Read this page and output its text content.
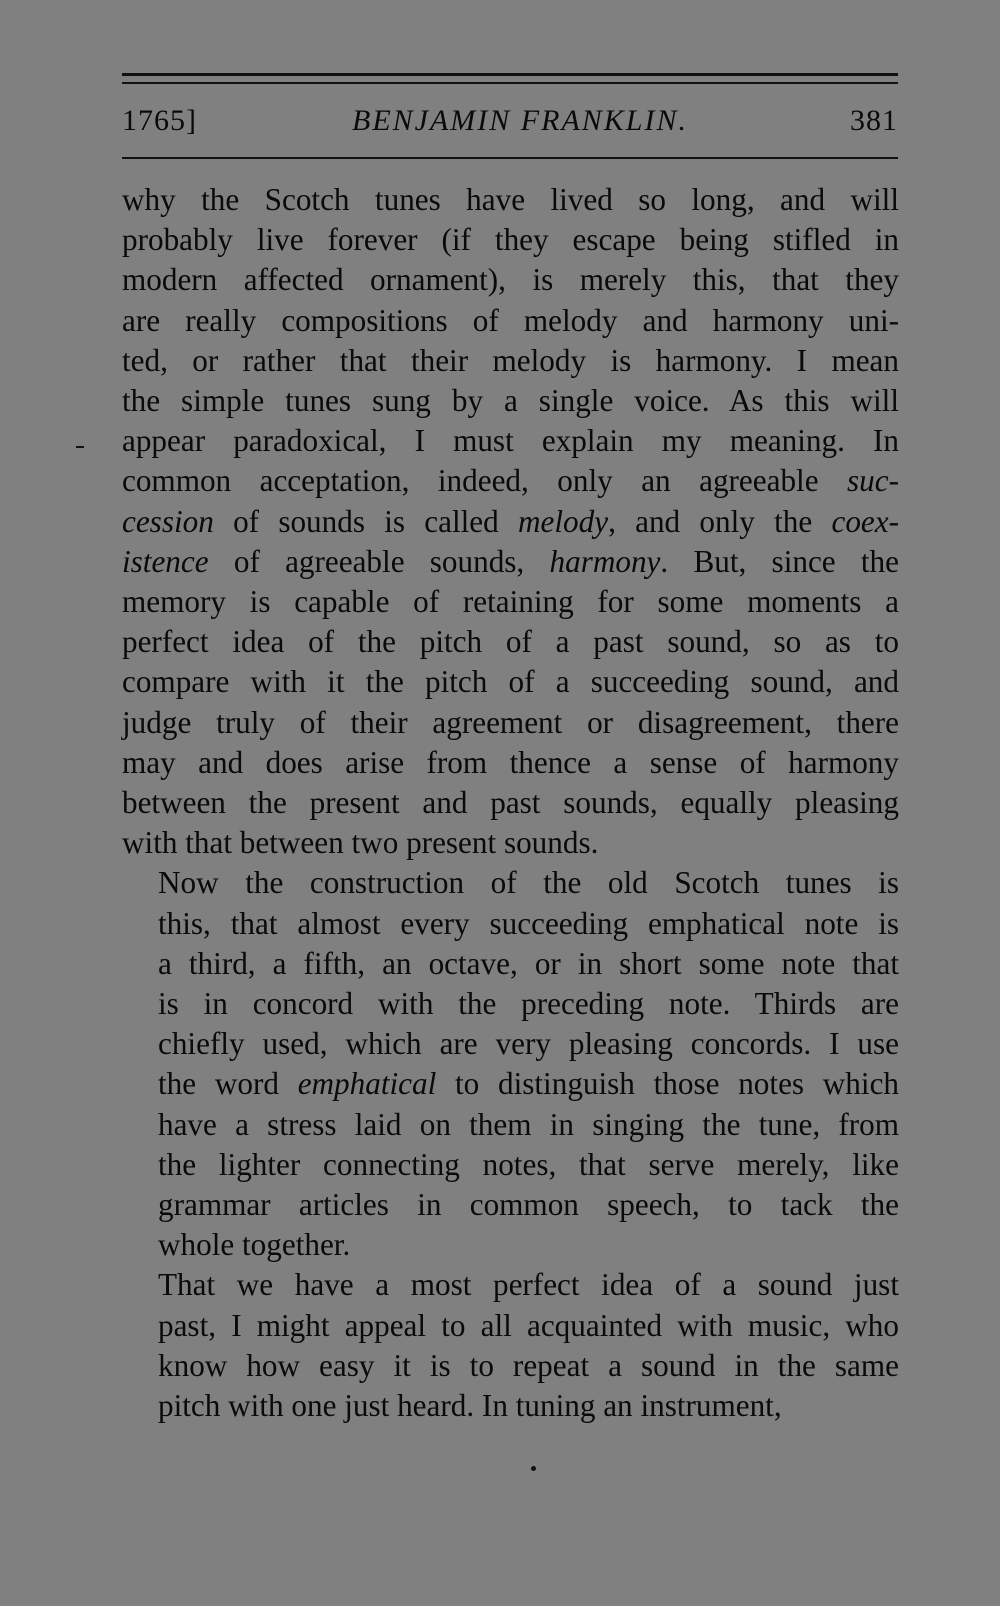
1765]	BENJAMIN FRANKLIN.	381

why the Scotch tunes have lived so long, and will
probably live forever (if they escape being stifled in
modern affected ornament), is merely this, that they
are really compositions of melody and harmony uni-
ted, or rather that their melody is harmony. I mean
the simple tunes sung by a single voice. As this will
appear paradoxical, I must explain my meaning. In
common acceptation, indeed, only an agreeable suc-
cession of sounds is called melody, and only the coex-
istence of agreeable sounds, harmony. But, since the
memory is capable of retaining for some moments a
perfect idea of the pitch of a past sound, so as to
compare with it the pitch of a succeeding sound, and
judge truly of their agreement or disagreement, there
may and does arise from thence a sense of harmony
between the present and past sounds, equally pleasing
with that between two present sounds.

Now the construction of the old Scotch tunes is
this, that almost every succeeding emphatical note is
a third, a fifth, an octave, or in short some note that
is in concord with the preceding note. Thirds are
chiefly used, which are very pleasing concords. I use
the word emphatical to distinguish those notes which
have a stress laid on them in singing the tune, from
the lighter connecting notes, that serve merely, like
grammar articles in common speech, to tack the
whole together.

That we have a most perfect idea of a sound just
past, I might appeal to all acquainted with music, who
know how easy it is to repeat a sound in the same
pitch with one just heard. In tuning an instrument,
